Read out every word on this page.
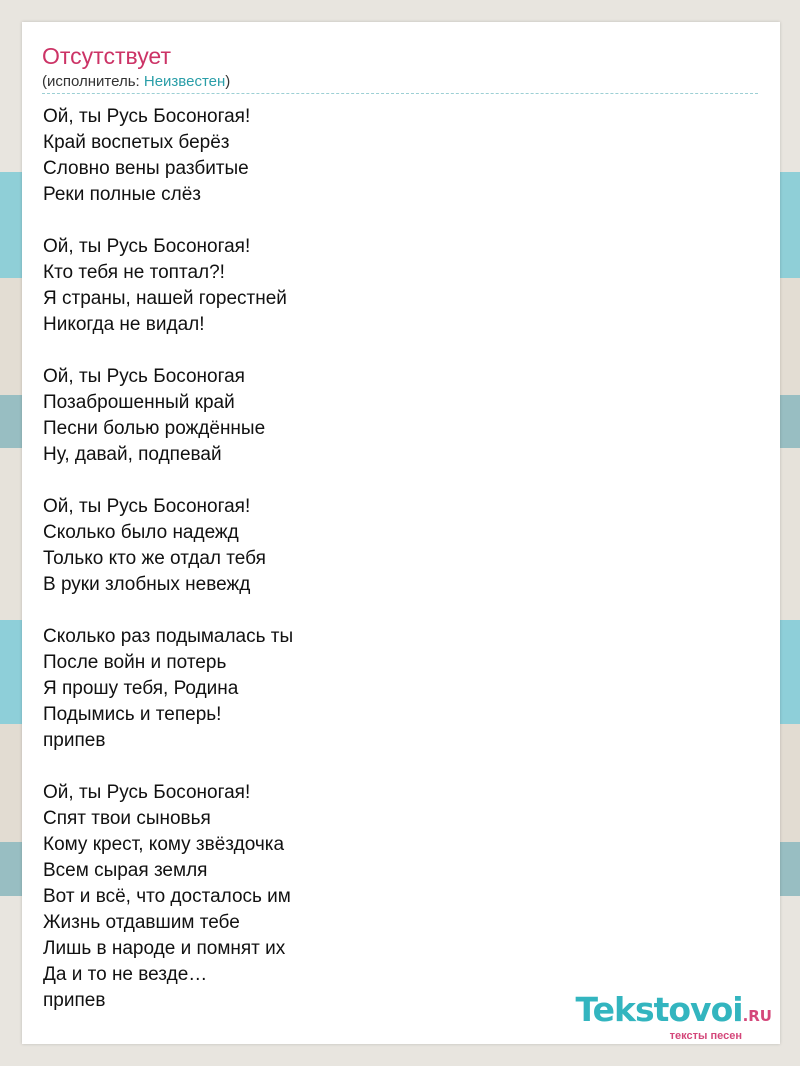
Отсутствует
(исполнитель: Неизвестен)
Ой, ты Русь Босоногая!
Край воспетых берёз
Словно вены разбитые
Реки полные слёз
Ой, ты Русь Босоногая!
Кто тебя не топтал?!
Я страны, нашей горестней
Никогда не видал!
Ой, ты Русь Босоногая
Позаброшенный край
Песни болью рождённые
Ну, давай, подпевай
Ой, ты Русь Босоногая!
Сколько было надежд
Только кто же отдал тебя
В руки злобных невежд
Сколько раз подымалась ты
После войн и потерь
Я прошу тебя, Родина
Подымись и теперь!
припев
Ой, ты Русь Босоногая!
Спят твои сыновья
Кому крест, кому звёздочка
Всем сырая земля
Вот и всё, что досталось им
Жизнь отдавшим тебе
Лишь в народе и помнят их
Да и то не везде…
припев	Tekstovoi.RU
тексты песен
